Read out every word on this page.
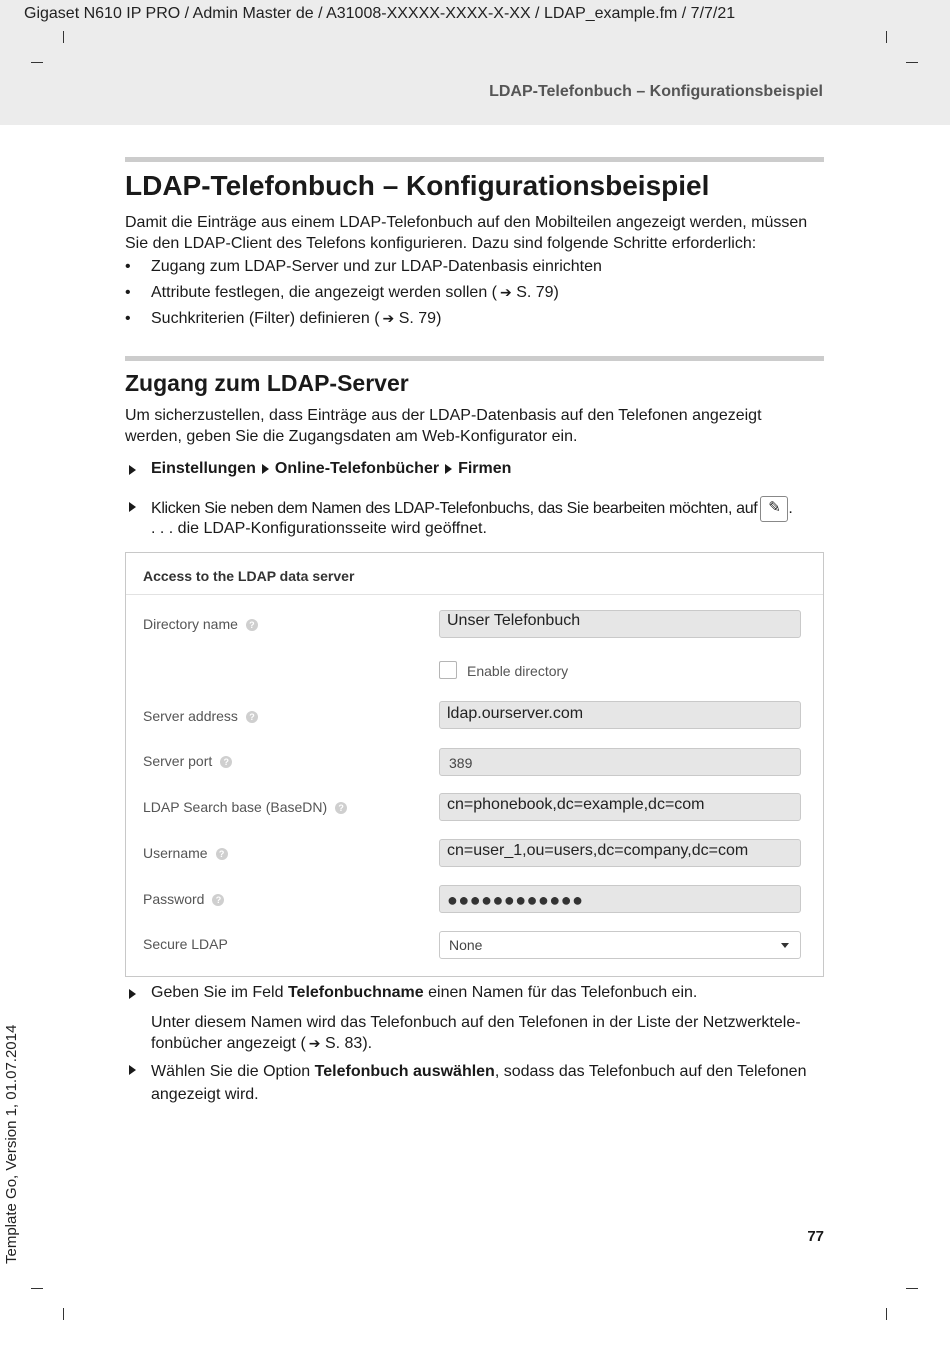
Gigaset N610 IP PRO / Admin Master de / A31008-XXXXX-XXXX-X-XX / LDAP_example.fm / 7/7/21
LDAP-Telefonbuch – Konfigurationsbeispiel
LDAP-Telefonbuch – Konfigurationsbeispiel
Damit die Einträge aus einem LDAP-Telefonbuch auf den Mobilteilen angezeigt werden, müssen
Sie den LDAP-Client des Telefons konfigurieren. Dazu sind folgende Schritte erforderlich:
• Zugang zum LDAP-Server und zur LDAP-Datenbasis einrichten
• Attribute festlegen, die angezeigt werden sollen ( ➔ S. 79)
• Suchkriterien (Filter) definieren ( ➔ S. 79)
Zugang zum LDAP-Server
Um sicherzustellen, dass Einträge aus der LDAP-Datenbasis auf den Telefonen angezeigt
werden, geben Sie die Zugangsdaten am Web-Konfigurator ein.
Einstellungen Online-Telefonbücher Firmen
Klicken Sie neben dem Namen des LDAP-Telefonbuchs, das Sie bearbeiten möchten, auf ✎ .
. . . die LDAP-Konfigurationsseite wird geöffnet.
Access to the LDAP data server
Directory name ?	Unser Telefonbuch
Enable directory
Server address ?	ldap.ourserver.com
Server port ?	389
LDAP Search base (BaseDN) ?	cn=phonebook,dc=example,dc=com
Username ?	cn=user_1,ou=users,dc=company,dc=com
Password ?	●●●●●●●●●●●●
Secure LDAP	None
Geben Sie im Feld Telefonbuchname einen Namen für das Telefonbuch ein.
Unter diesem Namen wird das Telefonbuch auf den Telefonen in der Liste der Netzwerktele-
fonbücher angezeigt ( ➔ S. 83).
Wählen Sie die Option Telefonbuch auswählen, sodass das Telefonbuch auf den Telefonen
angezeigt wird.
77
Template Go, Version 1, 01.07.2014
